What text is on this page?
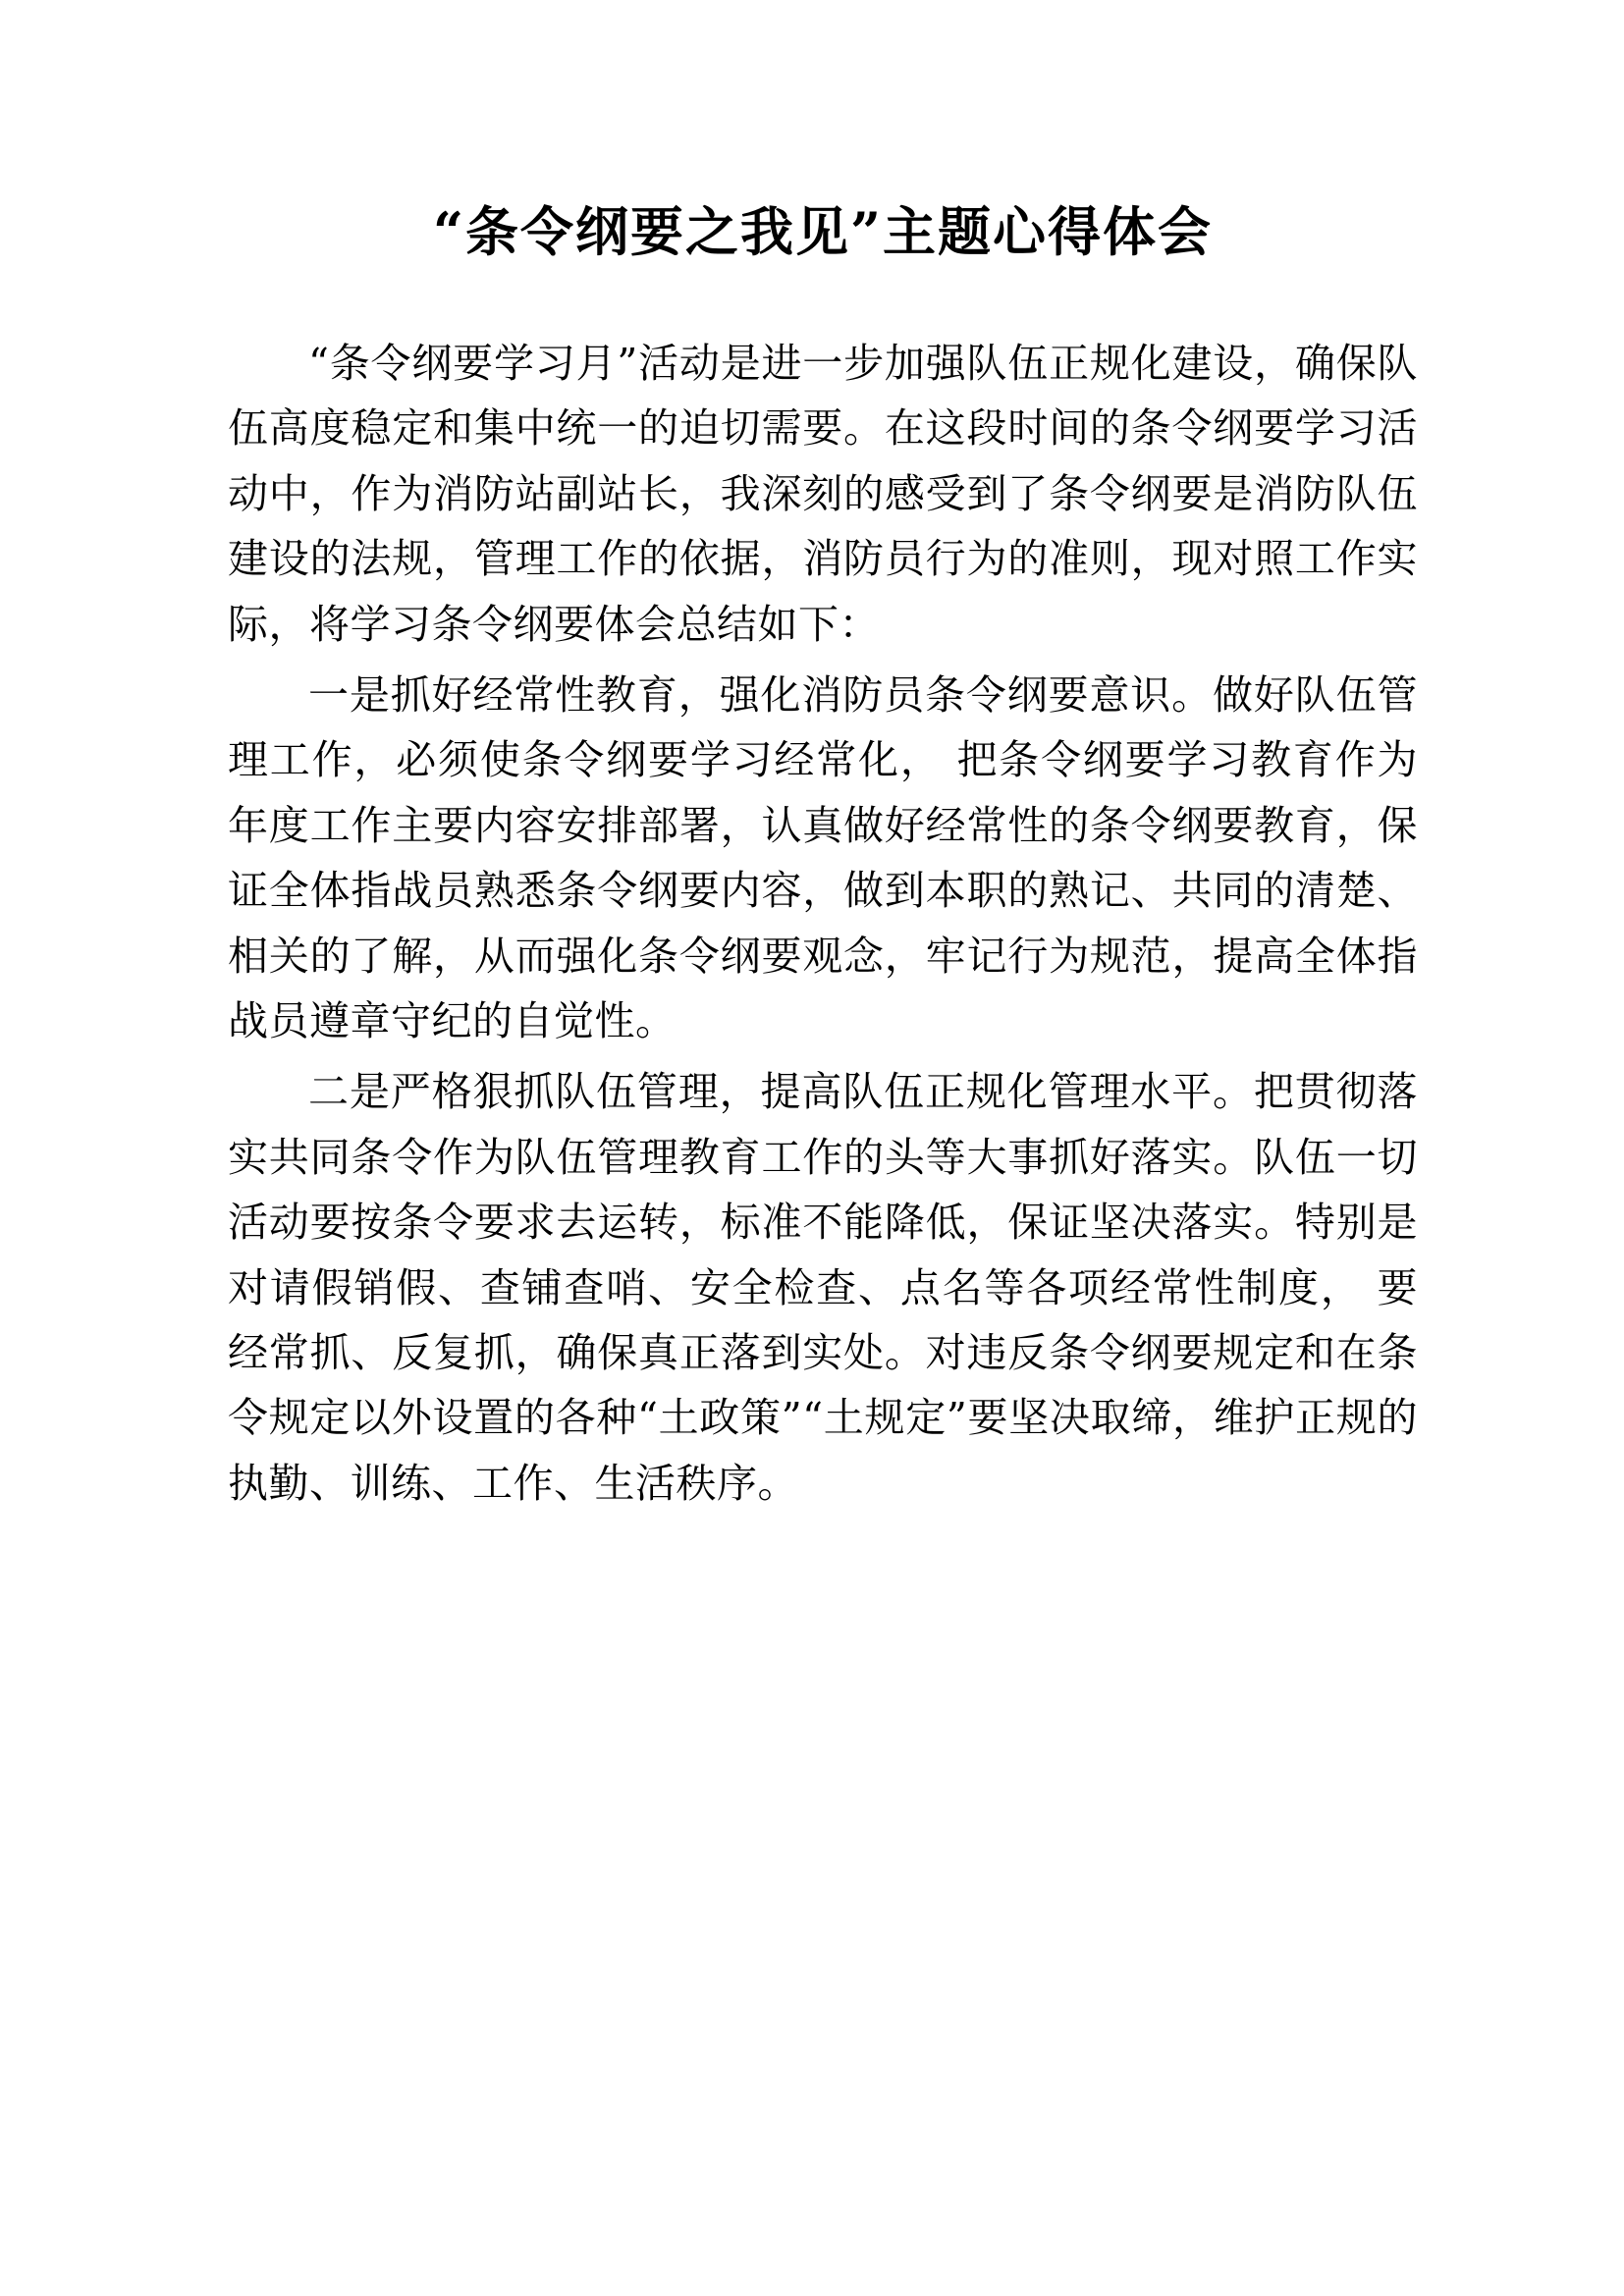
“条令纲要之我见”主题心得体会

“条令纲要学习月”活动是进一步加强队伍正规化建设，确保队伍高度稳定和集中统一的迫切需要。在这段时间的条令纲要学习活动中，作为消防站副站长，我深刻的感受到了条令纲要是消防队伍建设的法规，管理工作的依据，消防员行为的准则，现对照工作实际，将学习条令纲要体会总结如下：

一是抓好经常性教育，强化消防员条令纲要意识。做好队伍管理工作，必须使条令纲要学习经常化， 把条令纲要学习教育作为年度工作主要内容安排部署，认真做好经常性的条令纲要教育，保证全体指战员熟悉条令纲要内容，做到本职的熟记、共同的清楚、相关的了解，从而强化条令纲要观念，牢记行为规范，提高全体指战员遵章守纪的自觉性。

二是严格狠抓队伍管理，提高队伍正规化管理水平。把贯彻落实共同条令作为队伍管理教育工作的头等大事抓好落实。队伍一切活动要按条令要求去运转，标准不能降低，保证坚决落实。特别是对请假销假、查铺查哨、安全检查、点名等各项经常性制度， 要经常抓、反复抓，确保真正落到实处。对违反条令纲要规定和在条令规定以外设置的各种“土政策”“土规定”要坚决取缔，维护正规的执勤、训练、工作、生活秩序。
